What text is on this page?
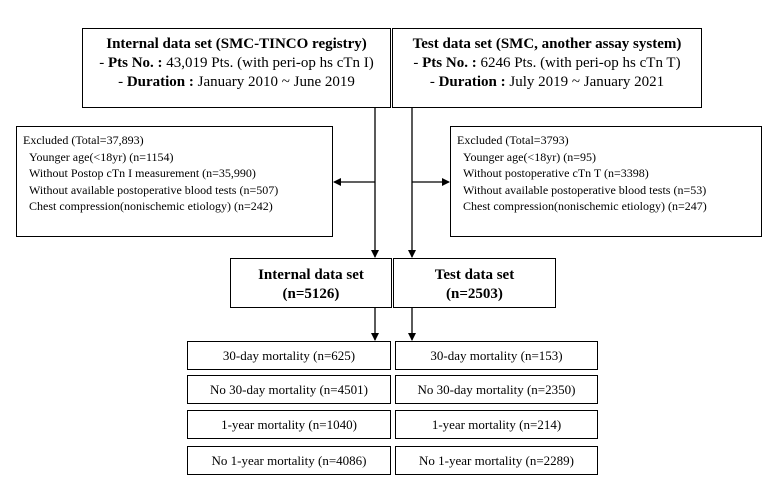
Internal data set (SMC-TINCO registry)
- Pts No. : 43,019 Pts. (with peri-op hs cTn I)
- Duration : January 2010 ~ June 2019
Test data set (SMC, another assay system)
- Pts No. : 6246 Pts. (with peri-op hs cTn T)
- Duration : July 2019 ~ January 2021
Excluded (Total=37,893)
Younger age(<18yr) (n=1154)
Without Postop cTn I measurement (n=35,990)
Without available postoperative blood tests (n=507)
Chest compression(nonischemic etiology) (n=242)
Excluded (Total=3793)
Younger age(<18yr) (n=95)
Without postoperative cTn T (n=3398)
Without available postoperative blood tests (n=53)
Chest compression(nonischemic etiology) (n=247)
Internal data set
(n=5126)
Test data set
(n=2503)
30-day mortality (n=625)
No 30-day mortality (n=4501)
1-year mortality (n=1040)
No 1-year mortality (n=4086)
30-day mortality (n=153)
No 30-day mortality (n=2350)
1-year mortality (n=214)
No 1-year mortality (n=2289)
